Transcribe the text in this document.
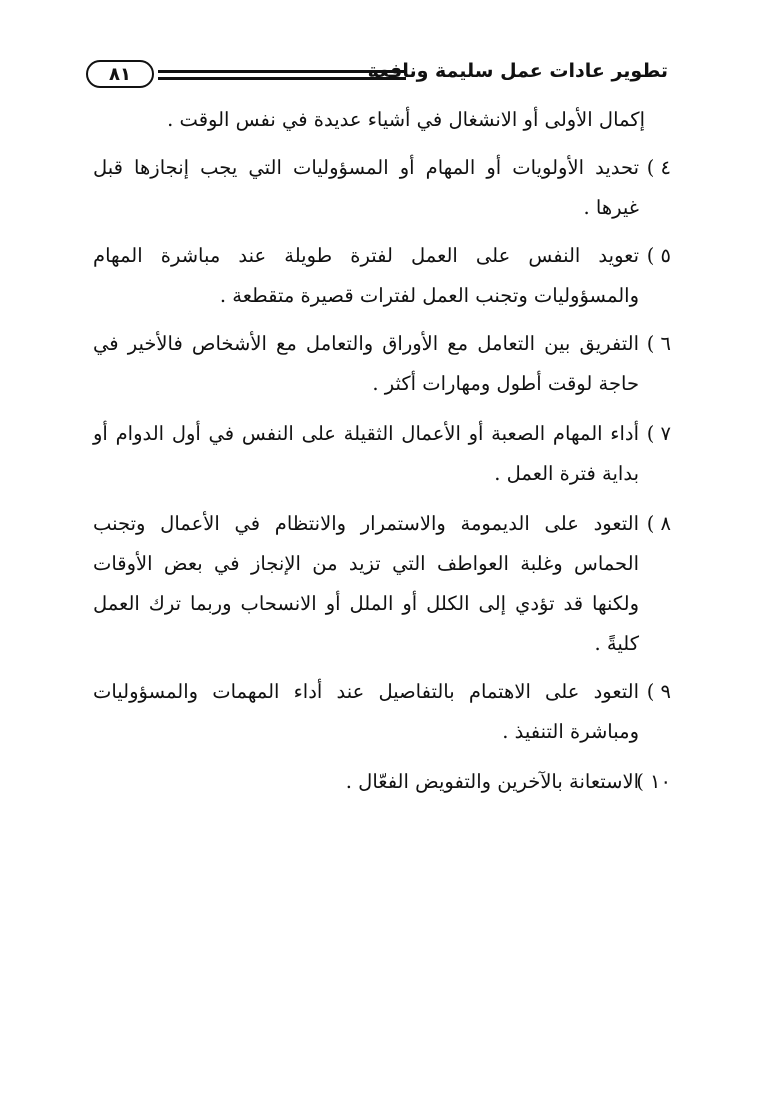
تطوير عادات عمل سليمة ونافعة
٨١

إكمال الأولى أو الانشغال في أشياء عديدة في نفس الوقت .

٤ )
تحديد الأولويات أو المهام أو المسؤوليات التي يجب إنجازها قبل غيرها .

٥ )
تعويد النفس على العمل لفترة طويلة عند مباشرة المهام والمسؤوليات وتجنب العمل لفترات قصيرة متقطعة .

٦ )
التفريق بين التعامل مع الأوراق والتعامل مع الأشخاص فالأخير في حاجة لوقت أطول ومهارات أكثر .

٧ )
أداء المهام الصعبة أو الأعمال الثقيلة على النفس في أول الدوام أو بداية فترة العمل .

٨ )
التعود على الديمومة والاستمرار والانتظام في الأعمال وتجنب الحماس وغلبة العواطف التي تزيد من الإنجاز في بعض الأوقات ولكنها قد تؤدي إلى الكلل أو الملل أو الانسحاب وربما ترك العمل كليةً .

٩ )
التعود على الاهتمام بالتفاصيل عند أداء المهمات والمسؤوليات ومباشرة التنفيذ .

١٠ )
الاستعانة بالآخرين والتفويض الفعّال .
